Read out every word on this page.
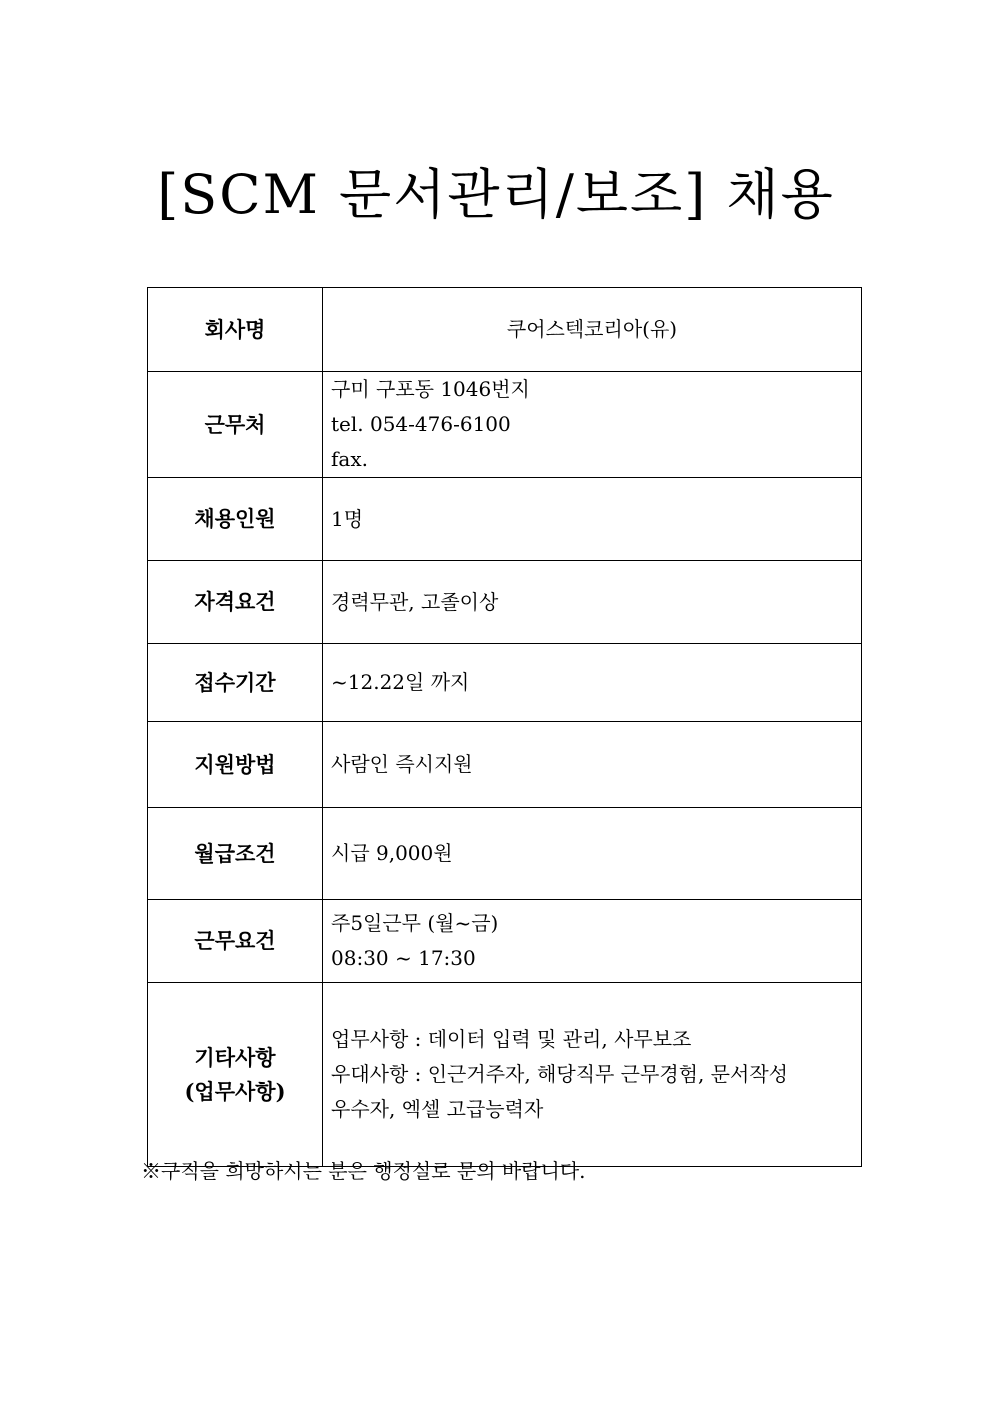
[SCM 문서관리/보조] 채용
회사명	쿠어스텍코리아(유)

근무처	구미 구포동 1046번지
tel. 054-476-6100
fax.

채용인원	1명

자격요건	경력무관, 고졸이상

접수기간	~12.22일 까지

지원방법	사람인 즉시지원

월급조건	시급 9,000원

근무요건	주5일근무 (월~금)
08:30 ~ 17:30

기타사항
(업무사항)	업무사항 : 데이터 입력 및 관리, 사무보조
우대사항 : 인근거주자, 해당직무 근무경험, 문서작성
우수자, 엑셀 고급능력자
※구직을 희망하시는 분은 행정실로 문의 바랍니다.
